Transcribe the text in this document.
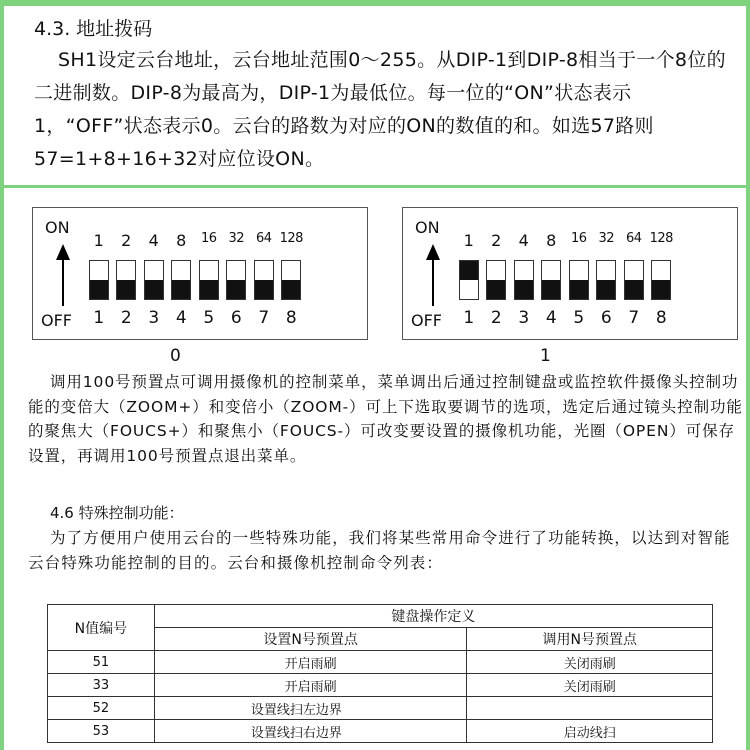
4.3. 地址拨码
SH1设定云台地址，云台地址范围0～255。从DIP-1到DIP-8相当于一个8位的二进制数。DIP-8为最高为，DIP-1为最低位。每一位的“ON”状态表示1，“OFF”状态表示0。云台的路数为对应的ON的数值的和。如选57路则57=1+8+16+32对应位设ON。
ON
1	2	4	8	16 32 64 128
OFF	1 2 3 4 5 6 7 8
ON
1	2	4	8	16 32 64 128
OFF	1 2 3 4 5 6 7 8
0	1
调用100号预置点可调用摄像机的控制菜单，菜单调出后通过控制键盘或监控软件摄像头控制功能的变倍大（ZOOM+）和变倍小（ZOOM-）可上下选取要调节的选项，选定后通过镜头控制功能的聚焦大（FOUCS+）和聚焦小（FOUCS-）可改变要设置的摄像机功能，光圈（OPEN）可保存设置，再调用100号预置点退出菜单。
4.6 特殊控制功能：
为了方便用户使用云台的一些特殊功能，我们将某些常用命令进行了功能转换，以达到对智能云台特殊功能控制的目的。云台和摄像机控制命令列表：
N值编号	键盘操作定义	
	设置N号预置点	调用N号预置点
51	开启雨刷	关闭雨刷
33	开启雨刷	关闭雨刷
52	设置线扫左边界	
53	设置线扫右边界	启动线扫
